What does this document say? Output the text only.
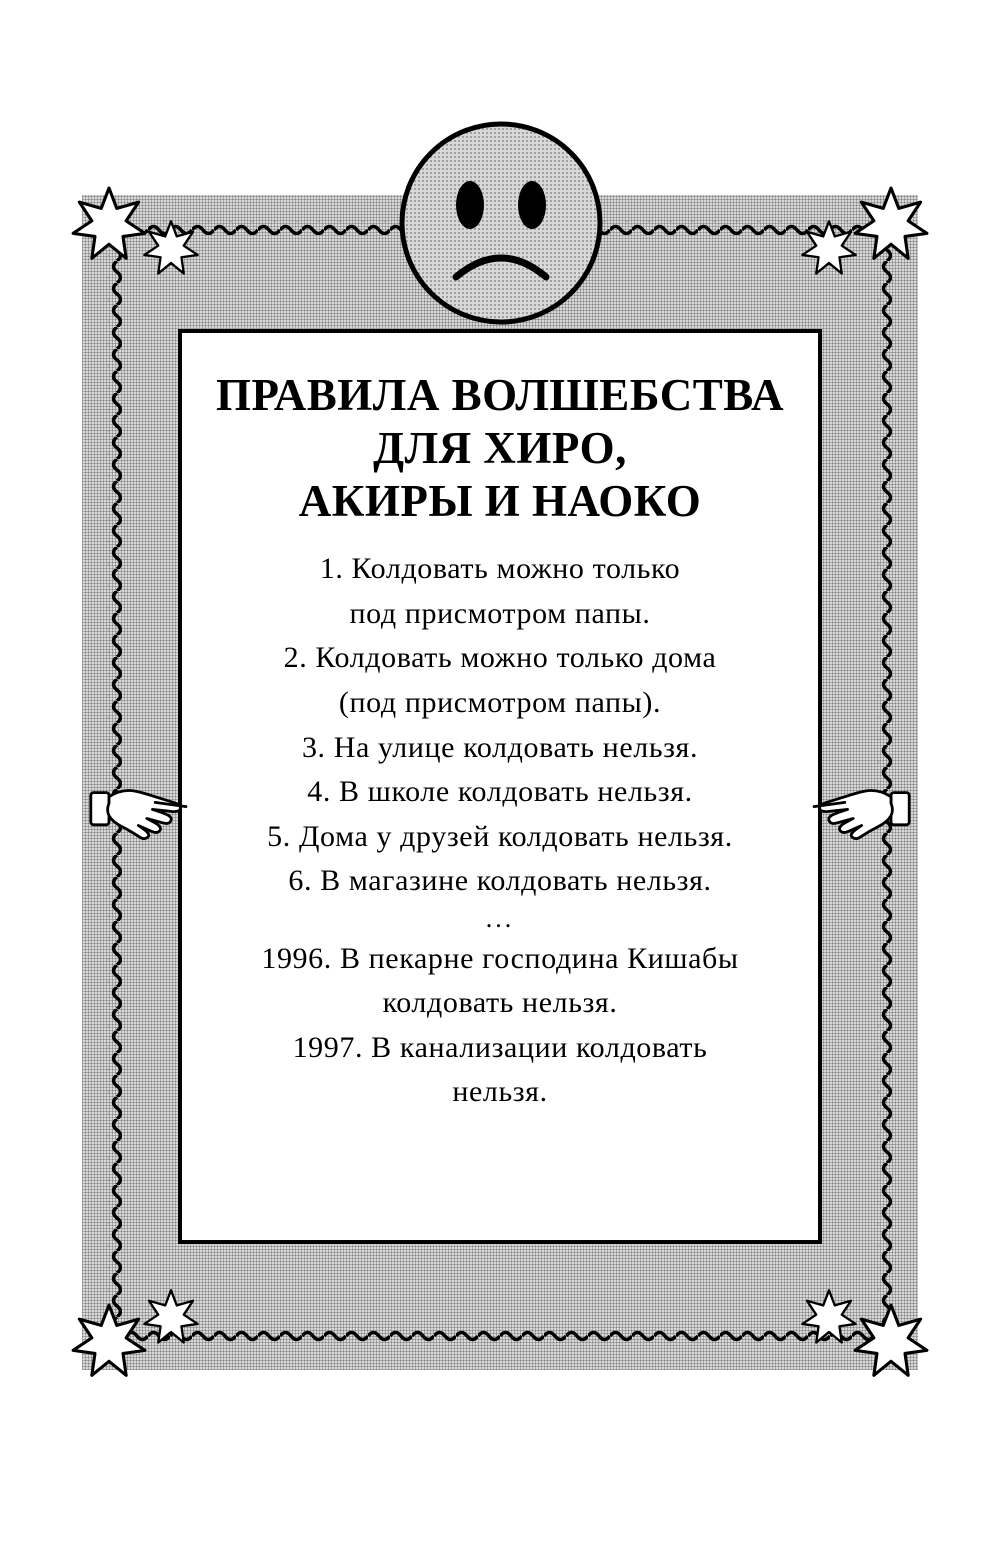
ПРАВИЛА ВОЛШЕБСТВА
ДЛЯ ХИРО,
АКИРЫ И НАОКО
1. Колдовать можно только
под присмотром папы.
2. Колдовать можно только дома
(под присмотром папы).
3. На улице колдовать нельзя.
4. В школе колдовать нельзя.
5. Дома у друзей колдовать нельзя.
6. В магазине колдовать нельзя.
...
1996. В пекарне господина Кишабы
колдовать нельзя.
1997. В канализации колдовать
нельзя.
